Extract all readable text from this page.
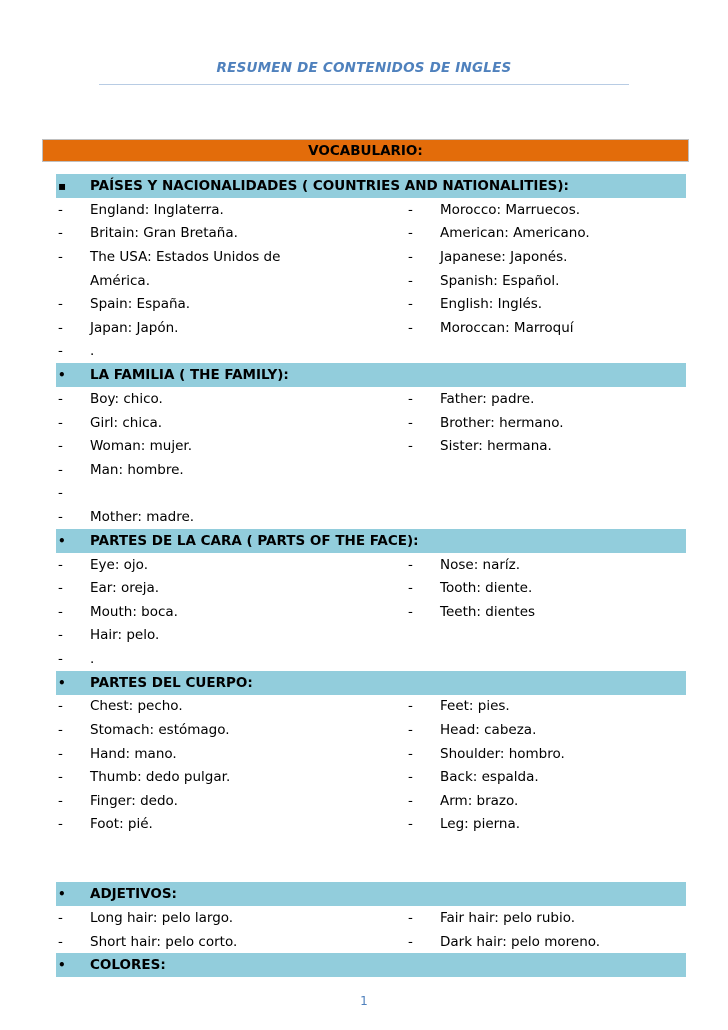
RESUMEN DE CONTENIDOS DE INGLES
VOCABULARIO:
▪	PAÍSES Y NACIONALIDADES ( COUNTRIES AND NATIONALITIES):
-	England: Inglaterra.	-	Morocco: Marruecos.
-	Britain: Gran Bretaña.	-	American: Americano.
-	The USA: Estados Unidos de	-	Japanese: Japonés.
América.	-	Spanish: Español.
-	Spain: España.	-	English: Inglés.
-	Japan: Japón.	-	Moroccan: Marroquí
-	.
•	LA FAMILIA ( THE FAMILY):
-	Boy: chico.	-	Father: padre.
-	Girl: chica.	-	Brother: hermano.
-	Woman: mujer.	-	Sister: hermana.
-	Man: hombre.
-
-	Mother: madre.
•	PARTES DE LA CARA ( PARTS OF THE FACE):
-	Eye: ojo.	-	Nose: naríz.
-	Ear: oreja.	-	Tooth: diente.
-	Mouth: boca.	-	Teeth: dientes
-	Hair: pelo.
-	.
•	PARTES DEL CUERPO:
-	Chest: pecho.	-	Feet: pies.
-	Stomach: estómago.	-	Head: cabeza.
-	Hand: mano.	-	Shoulder: hombro.
-	Thumb: dedo pulgar.	-	Back: espalda.
-	Finger: dedo.	-	Arm: brazo.
-	Foot: pié.	-	Leg: pierna.
•	ADJETIVOS:
-	Long hair: pelo largo.	-	Fair hair: pelo rubio.
-	Short hair: pelo corto.	-	Dark hair: pelo moreno.
•	COLORES:
1
